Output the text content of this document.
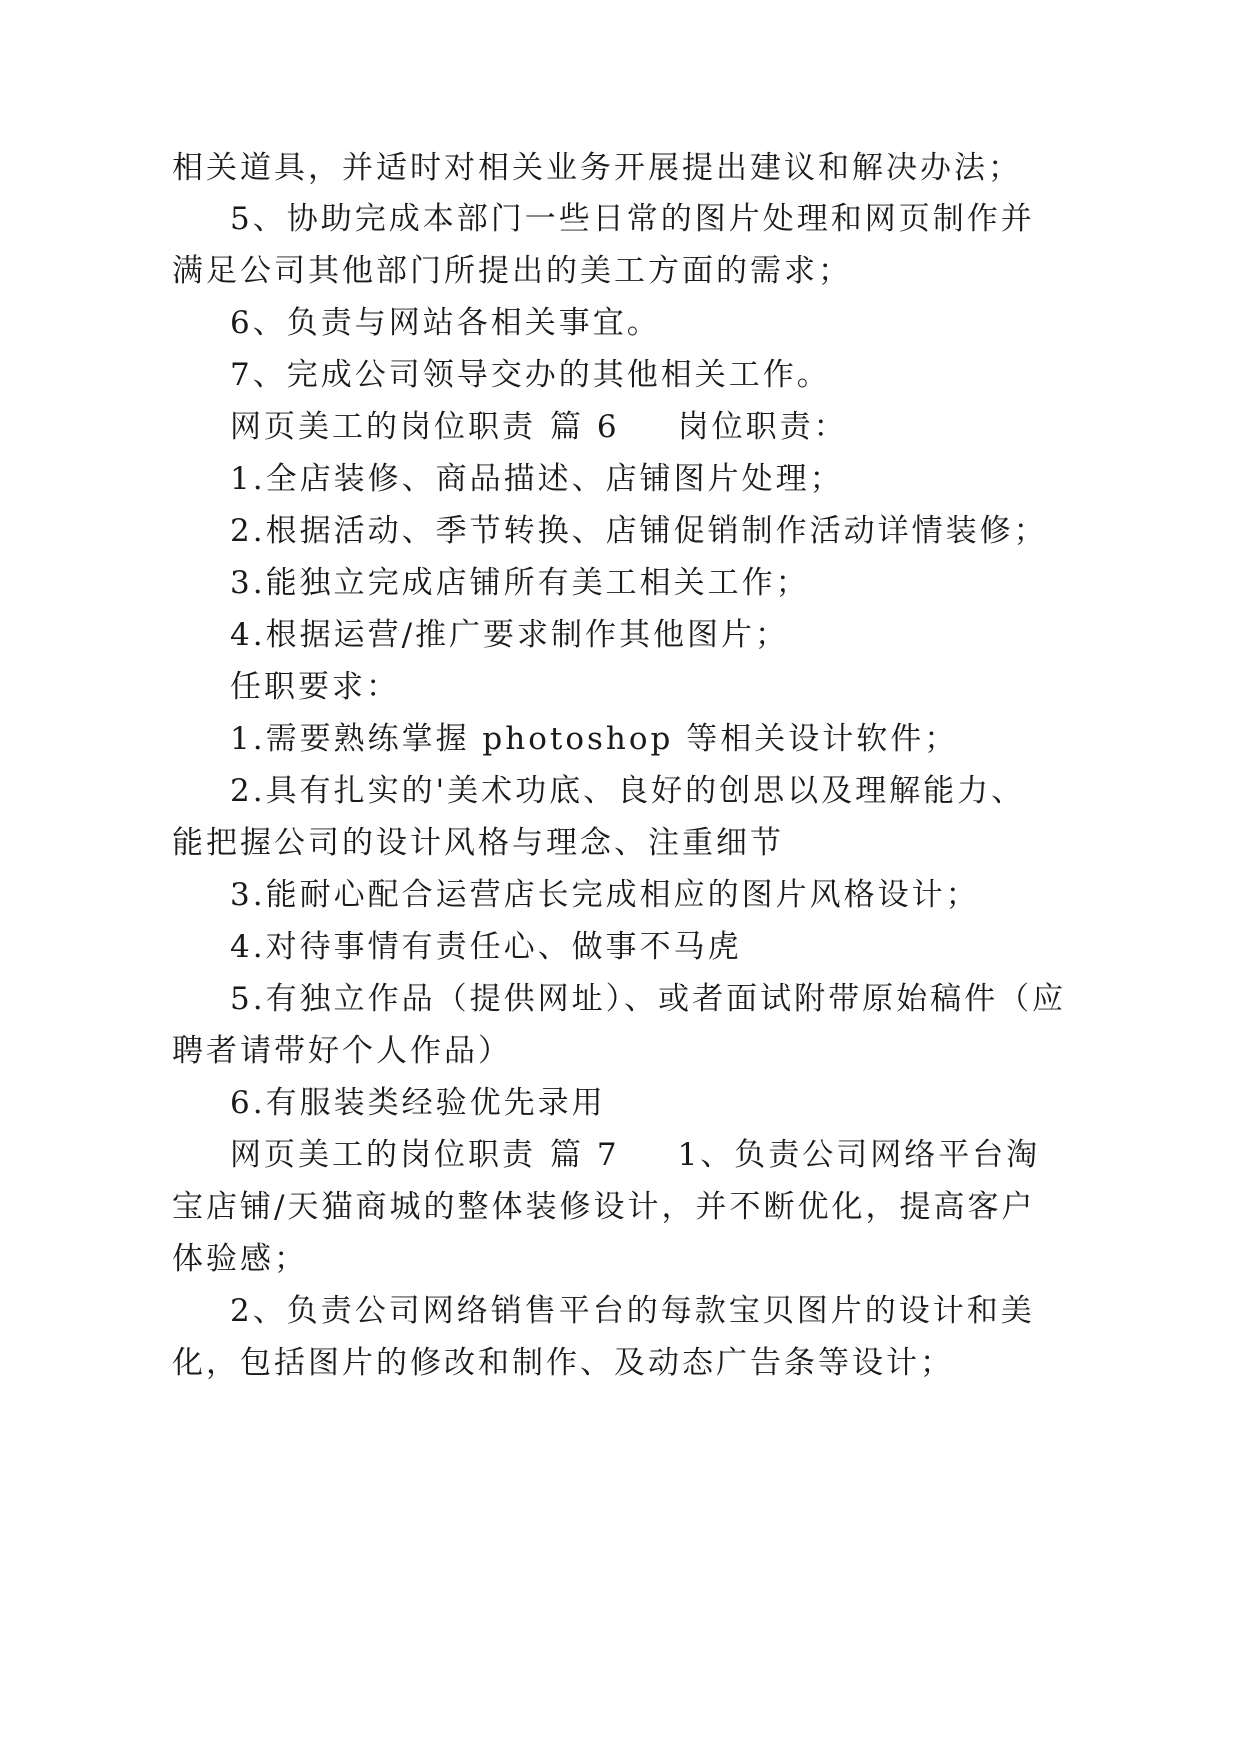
相关道具，并适时对相关业务开展提出建议和解决办法；
5、协助完成本部门一些日常的图片处理和网页制作并
满足公司其他部门所提出的美工方面的需求；
6、负责与网站各相关事宜。
7、完成公司领导交办的其他相关工作。
网页美工的岗位职责 篇 6 岗位职责：
1.全店装修、商品描述、店铺图片处理；
2.根据活动、季节转换、店铺促销制作活动详情装修；
3.能独立完成店铺所有美工相关工作；
4.根据运营/推广要求制作其他图片；
任职要求：
1.需要熟练掌握 photoshop 等相关设计软件；
2.具有扎实的'美术功底、良好的创思以及理解能力、
能把握公司的设计风格与理念、注重细节
3.能耐心配合运营店长完成相应的图片风格设计；
4.对待事情有责任心、做事不马虎
5.有独立作品（提供网址）、或者面试附带原始稿件（应
聘者请带好个人作品）
6.有服装类经验优先录用
网页美工的岗位职责 篇 7 1、负责公司网络平台淘
宝店铺/天猫商城的整体装修设计，并不断优化，提高客户
体验感；
2、负责公司网络销售平台的每款宝贝图片的设计和美
化，包括图片的修改和制作、及动态广告条等设计；
